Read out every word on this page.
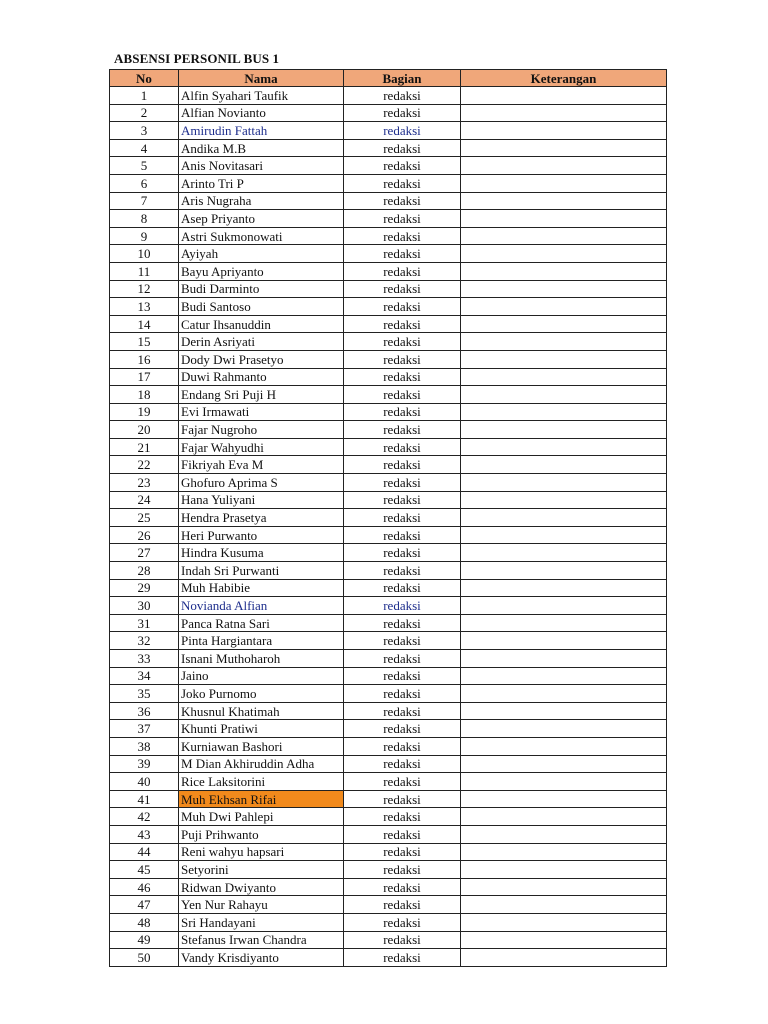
ABSENSI PERSONIL BUS 1
No	Nama	Bagian	Keterangan
1	Alfin Syahari Taufik	redaksi	
2	Alfian Novianto	redaksi	
3	Amirudin Fattah	redaksi	
4	Andika M.B	redaksi	
5	Anis Novitasari	redaksi	
6	Arinto Tri P	redaksi	
7	Aris Nugraha	redaksi	
8	Asep Priyanto	redaksi	
9	Astri Sukmonowati	redaksi	
10	Ayiyah	redaksi	
11	Bayu Apriyanto	redaksi	
12	Budi Darminto	redaksi	
13	Budi Santoso	redaksi	
14	Catur Ihsanuddin	redaksi	
15	Derin Asriyati	redaksi	
16	Dody Dwi Prasetyo	redaksi	
17	Duwi Rahmanto	redaksi	
18	Endang Sri Puji H	redaksi	
19	Evi Irmawati	redaksi	
20	Fajar Nugroho	redaksi	
21	Fajar Wahyudhi	redaksi	
22	Fikriyah Eva M	redaksi	
23	Ghofuro Aprima S	redaksi	
24	Hana Yuliyani	redaksi	
25	Hendra Prasetya	redaksi	
26	Heri Purwanto	redaksi	
27	Hindra Kusuma	redaksi	
28	Indah Sri Purwanti	redaksi	
29	Muh Habibie	redaksi	
30	Novianda Alfian	redaksi	
31	Panca Ratna Sari	redaksi	
32	Pinta Hargiantara	redaksi	
33	Isnani Muthoharoh	redaksi	
34	Jaino	redaksi	
35	Joko Purnomo	redaksi	
36	Khusnul Khatimah	redaksi	
37	Khunti Pratiwi	redaksi	
38	Kurniawan Bashori	redaksi	
39	M Dian Akhiruddin Adha	redaksi	
40	Rice Laksitorini	redaksi	
41	Muh Ekhsan Rifai	redaksi	
42	Muh Dwi Pahlepi	redaksi	
43	Puji Prihwanto	redaksi	
44	Reni wahyu hapsari	redaksi	
45	Setyorini	redaksi	
46	Ridwan Dwiyanto	redaksi	
47	Yen Nur Rahayu	redaksi	
48	Sri Handayani	redaksi	
49	Stefanus Irwan Chandra	redaksi	
50	Vandy Krisdiyanto	redaksi	
